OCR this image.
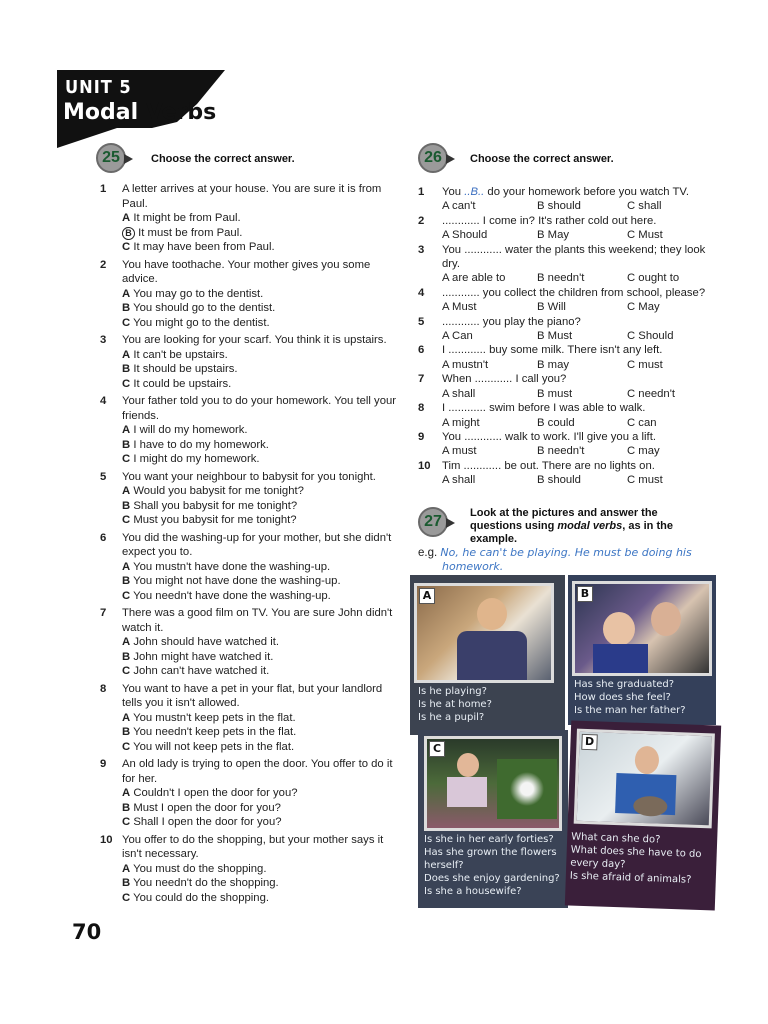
UNIT 5
Modal Verbs
25	Choose the correct answer.
1 A letter arrives at your house. You are sure it is from Paul.
A It might be from Paul.
B It must be from Paul.
C It may have been from Paul.
2 You have toothache. Your mother gives you some advice.
A You may go to the dentist.
B You should go to the dentist.
C You might go to the dentist.
3 You are looking for your scarf. You think it is upstairs.
A It can't be upstairs.
B It should be upstairs.
C It could be upstairs.
4 Your father told you to do your homework. You tell your friends.
A I will do my homework.
B I have to do my homework.
C I might do my homework.
5 You want your neighbour to babysit for you tonight.
A Would you babysit for me tonight?
B Shall you babysit for me tonight?
C Must you babysit for me tonight?
6 You did the washing-up for your mother, but she didn't expect you to.
A You mustn't have done the washing-up.
B You might not have done the washing-up.
C You needn't have done the washing-up.
7 There was a good film on TV. You are sure John didn't watch it.
A John should have watched it.
B John might have watched it.
C John can't have watched it.
8 You want to have a pet in your flat, but your landlord tells you it isn't allowed.
A You mustn't keep pets in the flat.
B You needn't keep pets in the flat.
C You will not keep pets in the flat.
9 An old lady is trying to open the door. You offer to do it for her.
A Couldn't I open the door for you?
B Must I open the door for you?
C Shall I open the door for you?
10 You offer to do the shopping, but your mother says it isn't necessary.
A You must do the shopping.
B You needn't do the shopping.
C You could do the shopping.
26	Choose the correct answer.
1 You ..B.. do your homework before you watch TV.
A can't	B should	C shall
2 ............ I come in? It's rather cold out here.
A Should	B May	C Must
3 You ............ water the plants this weekend; they look dry.
A are able to	B needn't	C ought to
4 ............ you collect the children from school, please?
A Must	B Will	C May
5 ............ you play the piano?
A Can	B Must	C Should
6 I ............ buy some milk. There isn't any left.
A mustn't	B may	C must
7 When ............ I call you?
A shall	B must	C needn't
8 I ............ swim before I was able to walk.
A might	B could	C can
9 You ............ walk to work. I'll give you a lift.
A must	B needn't	C may
10 Tim ............ be out. There are no lights on.
A shall	B should	C must
27	Look at the pictures and answer the
questions using modal verbs, as in the
example.
e.g. No, he can't be playing. He must be doing his
homework.
A
Is he playing?
Is he at home?
Is he a pupil?
B
Has she graduated?
How does she feel?
Is the man her father?
C
Is she in her early forties?
Has she grown the flowers herself?
Does she enjoy gardening?
Is she a housewife?
D
What can she do?
What does she have to do every day?
Is she afraid of animals?
70
